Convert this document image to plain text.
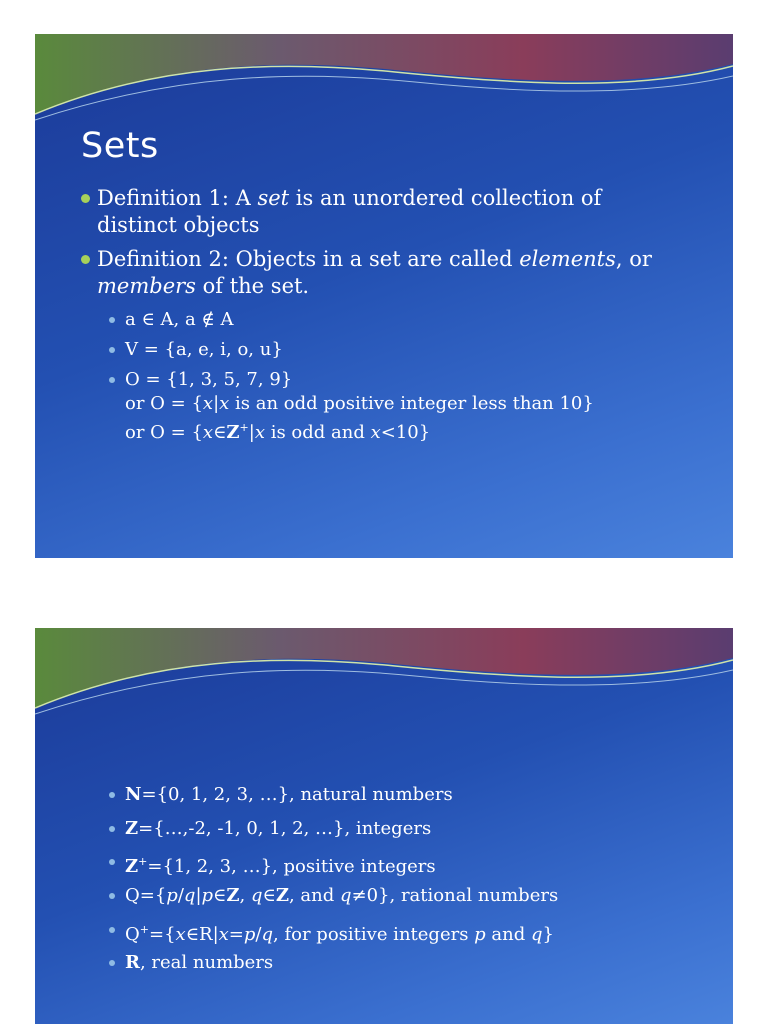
Sets
Definition 1: A set is an unordered collection of
distinct objects
Definition 2: Objects in a set are called elements, or
members of the set.
a ∈ A, a ∉ A
V = {a, e, i, o, u}
O = {1, 3, 5, 7, 9}
or O = {x|x is an odd positive integer less than 10}
or O = {x∈Z+|x is odd and x<10}
N={0, 1, 2, 3, …}, natural numbers
Z={…,-2, -1, 0, 1, 2, …}, integers
Z+={1, 2, 3, …}, positive integers
Q={p/q|p∈Z, q∈Z, and q≠0}, rational numbers
Q+={x∈R|x=p/q, for positive integers p and q}
R, real numbers
